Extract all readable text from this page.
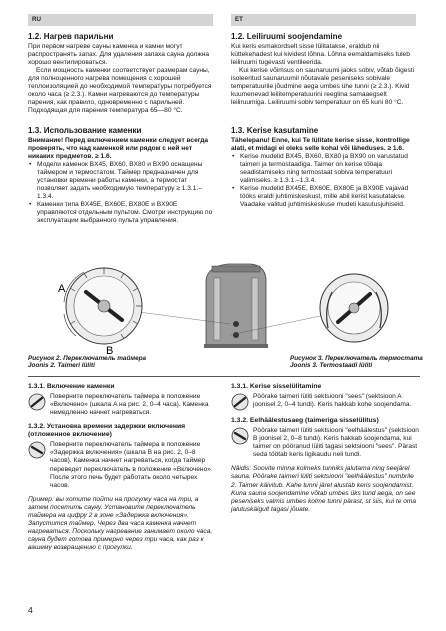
RU	ET
1.2. Нагрев парильни

При первом нагреве сауны каменка и камни могут распространять запах. Для удаления запаха сауна должна хорошо вентилироваться.

Если мощность каменки соответствует размерам сауны, для полноценного нагрева помещения с хорошей теплоизоляцией до необходимой температуры потребуется около часа (≥ 2.3.). Камни нагреваются до температуры парения, как правило, одновременно с парильней. Подходящая для парения температура 65—80 °C.

1.3. Использование каменки

Внимание! Перед включением каменки следует всегда проверять, что над каменкой или рядом с ней нет никаких предметов. ≥ 1.6.

• Модели каменок BX45, BX60, BX80 и BX90 оснащены таймером и термостатом. Таймер предназначен для установки времени работы каменки, а термостат позволяет задать необходимую температуру ≥ 1.3.1.–1.3.4.
• Каменки типа BX45E, BX60E, BX80E и BX90E управляются отдельным пультом. Смотри инструкцию по эксплуатации выбранного пульта управления.
1.2. Leiliruumi soojendamine

Kui keris esmakordselt sisse lülitatakse, eraldub nii küttekehadest kui kividest lõhna. Lõhna eemaldamiseks tuleb leiliruumi tugevasti ventileerida.

Kui kerise võimsus on saunaruumi jaoks sobiv, võtab õigesti isoleeritud saunaruumil nõutavale peseniseks sobivale temperatuurile jõudmine aega umbes ühe tunni (≥ 2.3.). Kivid kuumenevad leilitemperatuurini reeglina samaaegselt leiliruumiga. Leiliruumi sobiv temperatuur on 65 kuni 80 °C.

1.3. Kerise kasutamine

Tähelepanu! Enne, kui Te lülitate kerise sisse, kontrollige alati, et midagi ei oleks selle kohal või läheduses. ≥ 1.6.

• Kerise mudelid BX45, BX60, BX80 ja BX90 on varustatud taimeri ja termostaadiga. Taimer on kerise tööaja seadistamiseks ning termostaat sobiva temperatuuri valimiseks. ≥ 1.3.1.–1.3.4.
• Kerise mudelid BX45E, BX60E, BX80E ja BX90E vajavad tööks eraldi juhtimiskeskust, mille abil kerist kasutatakse. Vaadake valitud juhtimiskeskuse mudeli kasutusjuhiseid.
A
B
Рисунок 2. Переключатель таймера
Joonis 2. Taimeri lüliti
Рисунок 3. Переключатель термостата
Joonis 3. Termostaadi lüliti
1.3.1. Включение каменки
Поверните переключатель таймера в положение «Включено» (шкала A на рис. 2, 0–4 часа). Каменка немедленно начнет нагреваться.
1.3.2. Установка времени задержки включения (отложенное включение)
Поверните переключатель таймера в положение «Задержка включения» (шкала B на рис. 2, 0–8 часов). Каменка начнет нагреваться, когда таймер переведет переключатель в положение «Включено». После этого печь будет работать около четырех часов.

Пример: вы хотите пойти на прогулку часа на три, а затем посетить сауну. Установите переключатель таймера на цифру 2 в зоне «Задержка включения». Запустится таймер. Через два часа каменка начнет нагреваться. Поскольку нагревание занимает около часа, сауна будет готова примерно через три часа, как раз к вашему возвращению с прогулки.

1.3.1. Kerise sisselülitamine
Pöörake taimeri lüliti sektsiooni "sees" (sektsioon A joonisel 2, 0–4 tundi). Keris hakkab kohe soojendama.
1.3.2. Eelhäälestusaeg (taimeriga sisselülitus)
Pöörake taimeri lüliti sektsiooni "eelhäälestus" (sektsioon B joonisel 2, 0–8 tundi). Keris hakkab soojendama, kui taimer on pööranud lüliti tagasi sektsiooni "sees". Pärast seda töötab keris ligikaudu neli tundi.

Näidis: Soovite minna kolmeks tunniks jalutama ning seejärel sauna. Pöörake taimeri lüliti sektsiooni "eelhäälestus" numbrile 2. Taimer käivitub. Kahe tunni järel alustab keris soojendamist. Kuna saunа soojendamine võtab umbes üks tund aega, on see peseniseks valmis umbes kolme tunni pärast, st siis, kui te oma jalutuskäigult tagasi jõuate.

4
